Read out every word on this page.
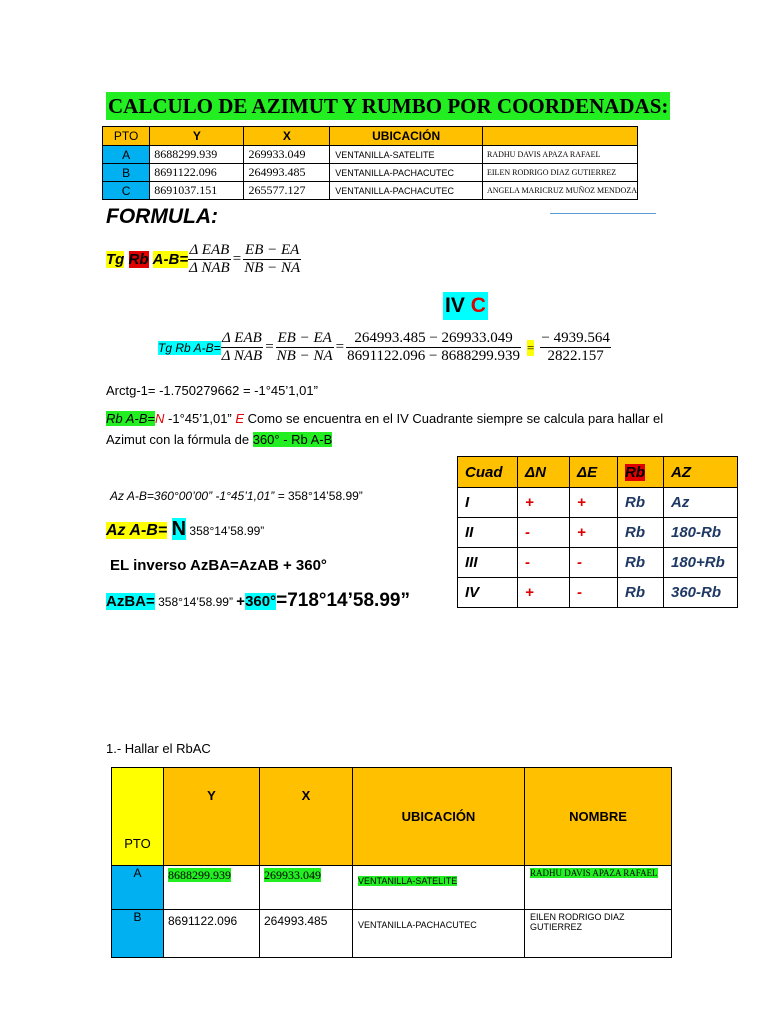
CALCULO DE AZIMUT Y RUMBO POR COORDENADAS:
PTO	Y	X	UBICACIÓN	
A	8688299.939	269933.049	VENTANILLA-SATELITE	RADHU DAVIS APAZA RAFAEL
B	8691122.096	264993.485	VENTANILLA-PACHACUTEC	EILEN RODRIGO DIAZ GUTIERREZ
C	8691037.151	265577.127	VENTANILLA-PACHACUTEC	ANGELA MARICRUZ MUÑOZ MENDOZA
FORMULA:
Tg Rb $A-B= \frac{\text{Δ EAB}}{\text{Δ NAB}} = \frac{EB - EA}{NB - NA}$
IV C
Tg Rb $A-B= \frac{\text{Δ EAB}}{\text{Δ NAB}} = \frac{EB - EA}{NB - NA} = \frac{264993.485 - 269933.049}{8691122.096 - 8688299.939} = \frac{- 4939.564}{2822.157}$
Arctg-1= -1.750279662 = -1°45’1,01”
Rb A-B=N -1°45’1,01” E Como se encuentra en el IV Cuadrante siempre se calcula para hallar el
Azimut con la fórmula de 360° - Rb A-B
Az A-B=360°00’00” -1°45’1,01” = 358°14’58.99”
Az A-B= N 358°14’58.99”
EL inverso AzBA=AzAB + 360°
AzBA= 358°14’58.99” +360°=718°14’58.99”
Cuad	ΔN	ΔE	Rb	AZ
I	+	+	Rb	Az
II	-	+	Rb	180-Rb
III	-	-	Rb	180+Rb
IV	+	-	Rb	360-Rb
1.- Hallar el RbAC
PTO	Y	X	UBICACIÓN	NOMBRE
A	8688299.939	269933.049	VENTANILLA-SATELITE	RADHU DAVIS APAZA RAFAEL
B	8691122.096	264993.485	VENTANILLA-PACHACUTEC	EILEN RODRIGO DIAZ GUTIERREZ
